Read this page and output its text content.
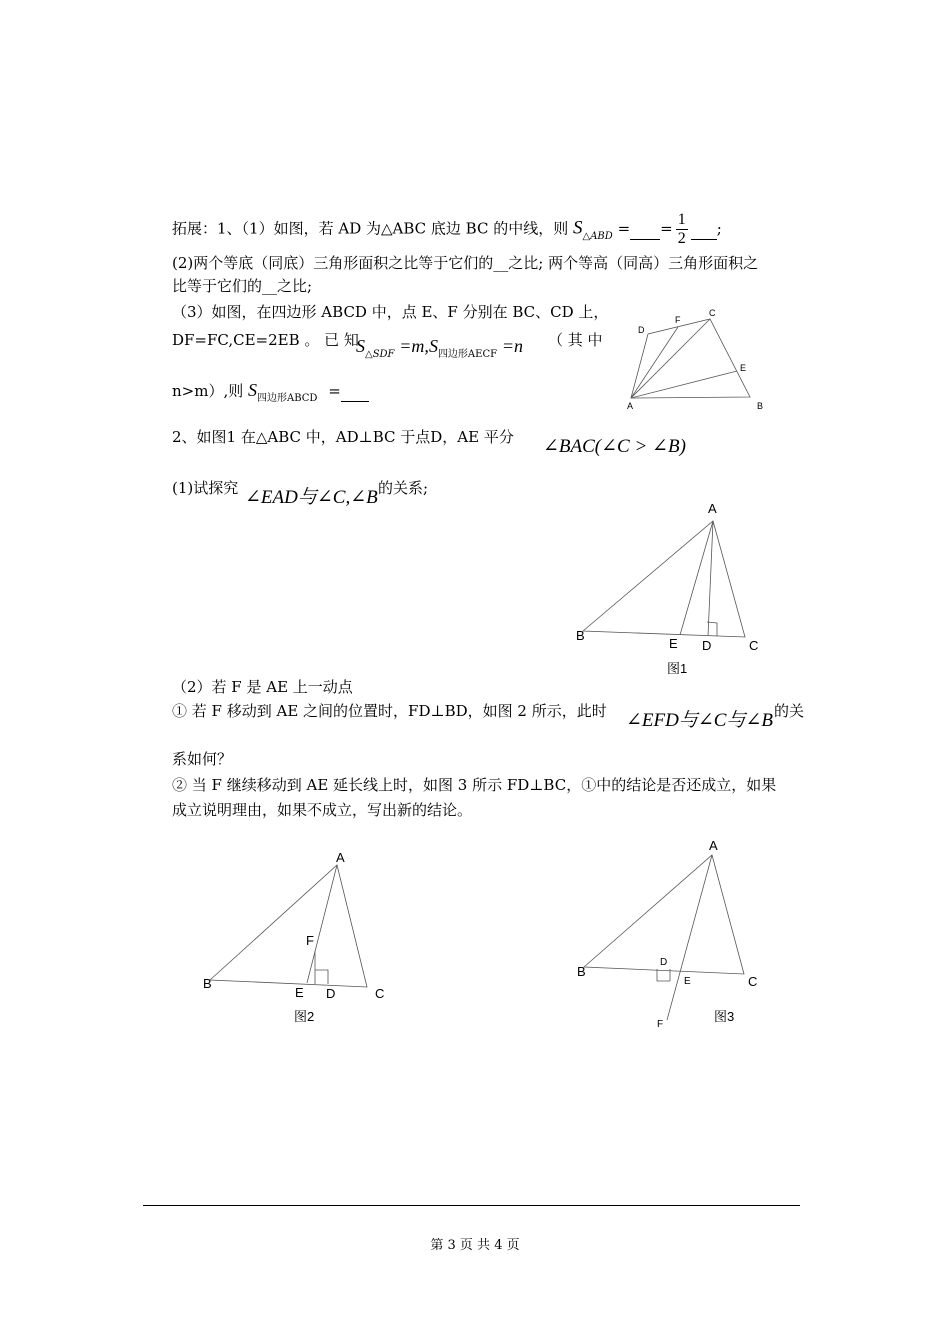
拓展：1、（1）如图，若 AD 为△ABC 底边 BC 的中线，则 $S_{\triangle ABD}$ = = $\frac{1}{2}$ ;
(2)两个等底（同底）三角形面积之比等于它们的__之比; 两个等高（同高）三角形面积之
比等于它们的__之比;
（3）如图，在四边形 ABCD 中，点 E、F 分别在 BC、CD 上，
DF=FC,CE=2EB 。 已 知
$S_{\triangle SDF} =m,S_{四边形AECF} =n$ （ 其 中
n>m）,则 $S_{四边形ABCD}$ =
A	B
C
D
E
F
2、如图1 在△ABC 中，AD⊥BC 于点D，AE 平分 ∠BAC(∠C > ∠B)
(1)试探究 ∠EAD与∠C,∠B 的关系;
A
B
C
D
E
图1
（2）若 F 是 AE 上一动点
① 若 F 移动到 AE 之间的位置时，FD⊥BD，如图 2 所示，此时 ∠EFD与∠C与∠B 的关
系如何？
② 当 F 继续移动到 AE 延长线上时，如图 3 所示 FD⊥BC，①中的结论是否还成立，如果
成立说明理由，如果不成立，写出新的结论。
A
B
C
D
E
F
图2
A
B
C
D
E
F
图3
第 3 页 共 4 页
